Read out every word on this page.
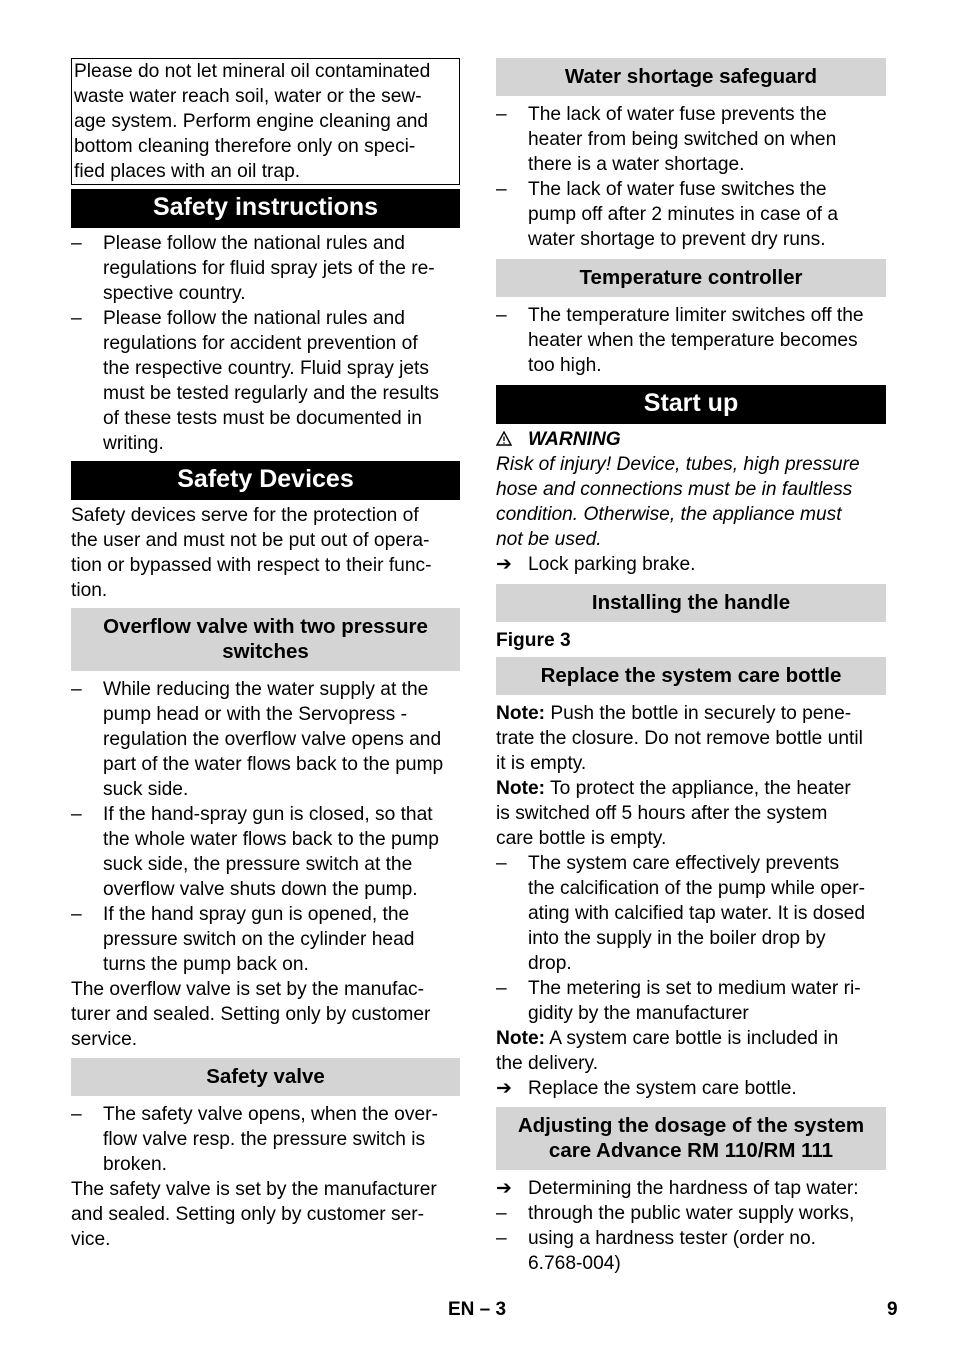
Please do not let mineral oil contaminated
waste water reach soil, water or the sew-
age system. Perform engine cleaning and
bottom cleaning therefore only on speci-
fied places with an oil trap.
Safety instructions
– Please follow the national rules and
regulations for fluid spray jets of the re-
spective country.
– Please follow the national rules and
regulations for accident prevention of
the respective country. Fluid spray jets
must be tested regularly and the results
of these tests must be documented in
writing.
Safety Devices

Safety devices serve for the protection of
the user and must not be put out of opera-
tion or bypassed with respect to their func-
tion.

Overflow valve with two pressure
switches
– While reducing the water supply at the
pump head or with the Servopress -
regulation the overflow valve opens and
part of the water flows back to the pump
suck side.
– If the hand-spray gun is closed, so that
the whole water flows back to the pump
suck side, the pressure switch at the
overflow valve shuts down the pump.
– If the hand spray gun is opened, the
pressure switch on the cylinder head
turns the pump back on.

The overflow valve is set by the manufac-
turer and sealed. Setting only by customer
service.

Safety valve
– The safety valve opens, when the over-
flow valve resp. the pressure switch is
broken.

The safety valve is set by the manufacturer
and sealed. Setting only by customer ser-
vice.

Water shortage safeguard
– The lack of water fuse prevents the
heater from being switched on when
there is a water shortage.
– The lack of water fuse switches the
pump off after 2 minutes in case of a
water shortage to prevent dry runs.
Temperature controller
– The temperature limiter switches off the
heater when the temperature becomes
too high.
Start up

WARNING

Risk of injury! Device, tubes, high pressure
hose and connections must be in faultless
condition. Otherwise, the appliance must
not be used.

➔ Lock parking brake.
Installing the handle

Figure 3

Replace the system care bottle

Note: Push the bottle in securely to pene-
trate the closure. Do not remove bottle until
it is empty.

Note: To protect the appliance, the heater
is switched off 5 hours after the system
care bottle is empty.

– The system care effectively prevents
the calcification of the pump while oper-
ating with calcified tap water. It is dosed
into the supply in the boiler drop by
drop.
– The metering is set to medium water ri-
gidity by the manufacturer

Note: A system care bottle is included in
the delivery.

➔ Replace the system care bottle.
Adjusting the dosage of the system
care Advance RM 110/RM 111
➔ Determining the hardness of tap water:
– through the public water supply works,
– using a hardness tester (order no.
6.768-004)
EN – 3	9
